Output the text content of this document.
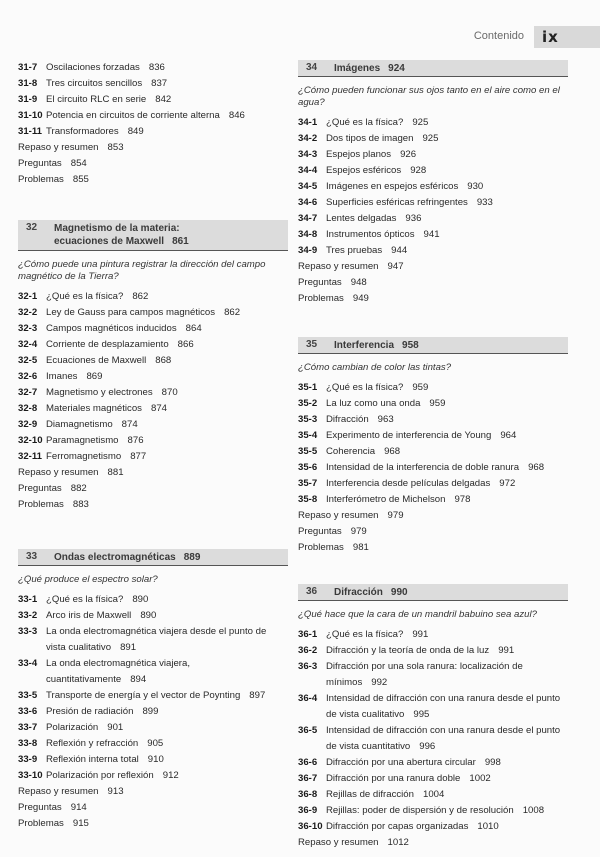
Contenido ix
31-7 Oscilaciones forzadas 836
31-8 Tres circuitos sencillos 837
31-9 El circuito RLC en serie 842
31-10 Potencia en circuitos de corriente alterna 846
31-11 Transformadores 849
Repaso y resumen 853
Preguntas 854
Problemas 855
32 Magnetismo de la materia:
ecuaciones de Maxwell 861
¿Cómo puede una pintura registrar la dirección del campo magnético de la Tierra?
32-1 ¿Qué es la física? 862
32-2 Ley de Gauss para campos magnéticos 862
32-3 Campos magnéticos inducidos 864
32-4 Corriente de desplazamiento 866
32-5 Ecuaciones de Maxwell 868
32-6 Imanes 869
32-7 Magnetismo y electrones 870
32-8 Materiales magnéticos 874
32-9 Diamagnetismo 874
32-10 Paramagnetismo 876
32-11 Ferromagnetismo 877
Repaso y resumen 881
Preguntas 882
Problemas 883
33 Ondas electromagnéticas 889
¿Qué produce el espectro solar?
33-1 ¿Qué es la física? 890
33-2 Arco iris de Maxwell 890
33-3 La onda electromagnética viajera desde el punto de vista cualitativo 891
33-4 La onda electromagnética viajera, cuantitativamente 894
33-5 Transporte de energía y el vector de Poynting 897
33-6 Presión de radiación 899
33-7 Polarización 901
33-8 Reflexión y refracción 905
33-9 Reflexión interna total 910
33-10 Polarización por reflexión 912
Repaso y resumen 913
Preguntas 914
Problemas 915
34 Imágenes 924
¿Cómo pueden funcionar sus ojos tanto en el aire como en el agua?
34-1 ¿Qué es la física? 925
34-2 Dos tipos de imagen 925
34-3 Espejos planos 926
34-4 Espejos esféricos 928
34-5 Imágenes en espejos esféricos 930
34-6 Superficies esféricas refringentes 933
34-7 Lentes delgadas 936
34-8 Instrumentos ópticos 941
34-9 Tres pruebas 944
Repaso y resumen 947
Preguntas 948
Problemas 949
35 Interferencia 958
¿Cómo cambian de color las tintas?
35-1 ¿Qué es la física? 959
35-2 La luz como una onda 959
35-3 Difracción 963
35-4 Experimento de interferencia de Young 964
35-5 Coherencia 968
35-6 Intensidad de la interferencia de doble ranura 968
35-7 Interferencia desde películas delgadas 972
35-8 Interferómetro de Michelson 978
Repaso y resumen 979
Preguntas 979
Problemas 981
36 Difracción 990
¿Qué hace que la cara de un mandril babuino sea azul?
36-1 ¿Qué es la física? 991
36-2 Difracción y la teoría de onda de la luz 991
36-3 Difracción por una sola ranura: localización de mínimos 992
36-4 Intensidad de difracción con una ranura desde el punto de vista cualitativo 995
36-5 Intensidad de difracción con una ranura desde el punto de vista cuantitativo 996
36-6 Difracción por una abertura circular 998
36-7 Difracción por una ranura doble 1002
36-8 Rejillas de difracción 1004
36-9 Rejillas: poder de dispersión y de resolución 1008
36-10 Difracción por capas organizadas 1010
Repaso y resumen 1012
